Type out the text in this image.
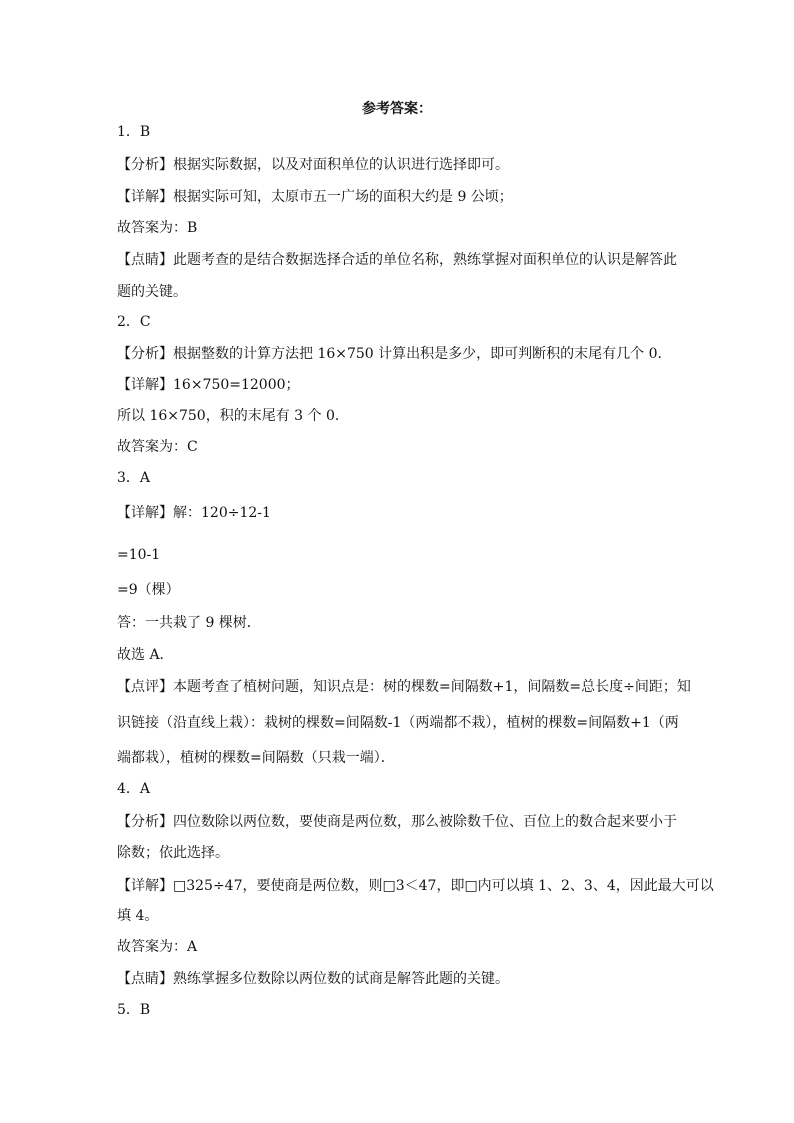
参考答案：
1．B
【分析】根据实际数据，以及对面积单位的认识进行选择即可。
【详解】根据实际可知，太原市五一广场的面积大约是 9 公顷；
故答案为：B
【点睛】此题考查的是结合数据选择合适的单位名称，熟练掌握对面积单位的认识是解答此
题的关键。
2．C
【分析】根据整数的计算方法把 16×750 计算出积是多少，即可判断积的末尾有几个 0．
【详解】16×750=12000；
所以 16×750，积的末尾有 3 个 0．
故答案为：C
3．A
【详解】解：120÷12-1
=10-1
=9（棵）
答：一共栽了 9 棵树．
故选 A．
【点评】本题考查了植树问题，知识点是：树的棵数=间隔数+1，间隔数=总长度÷间距；知
识链接（沿直线上栽）：栽树的棵数=间隔数-1（两端都不栽），植树的棵数=间隔数+1（两
端都栽），植树的棵数=间隔数（只栽一端）．
4．A
【分析】四位数除以两位数，要使商是两位数，那么被除数千位、百位上的数合起来要小于
除数；依此选择。
【详解】□325÷47，要使商是两位数，则□3＜47，即□内可以填 1、2、3、4，因此最大可以
填 4。
故答案为：A
【点睛】熟练掌握多位数除以两位数的试商是解答此题的关键。
5．B
